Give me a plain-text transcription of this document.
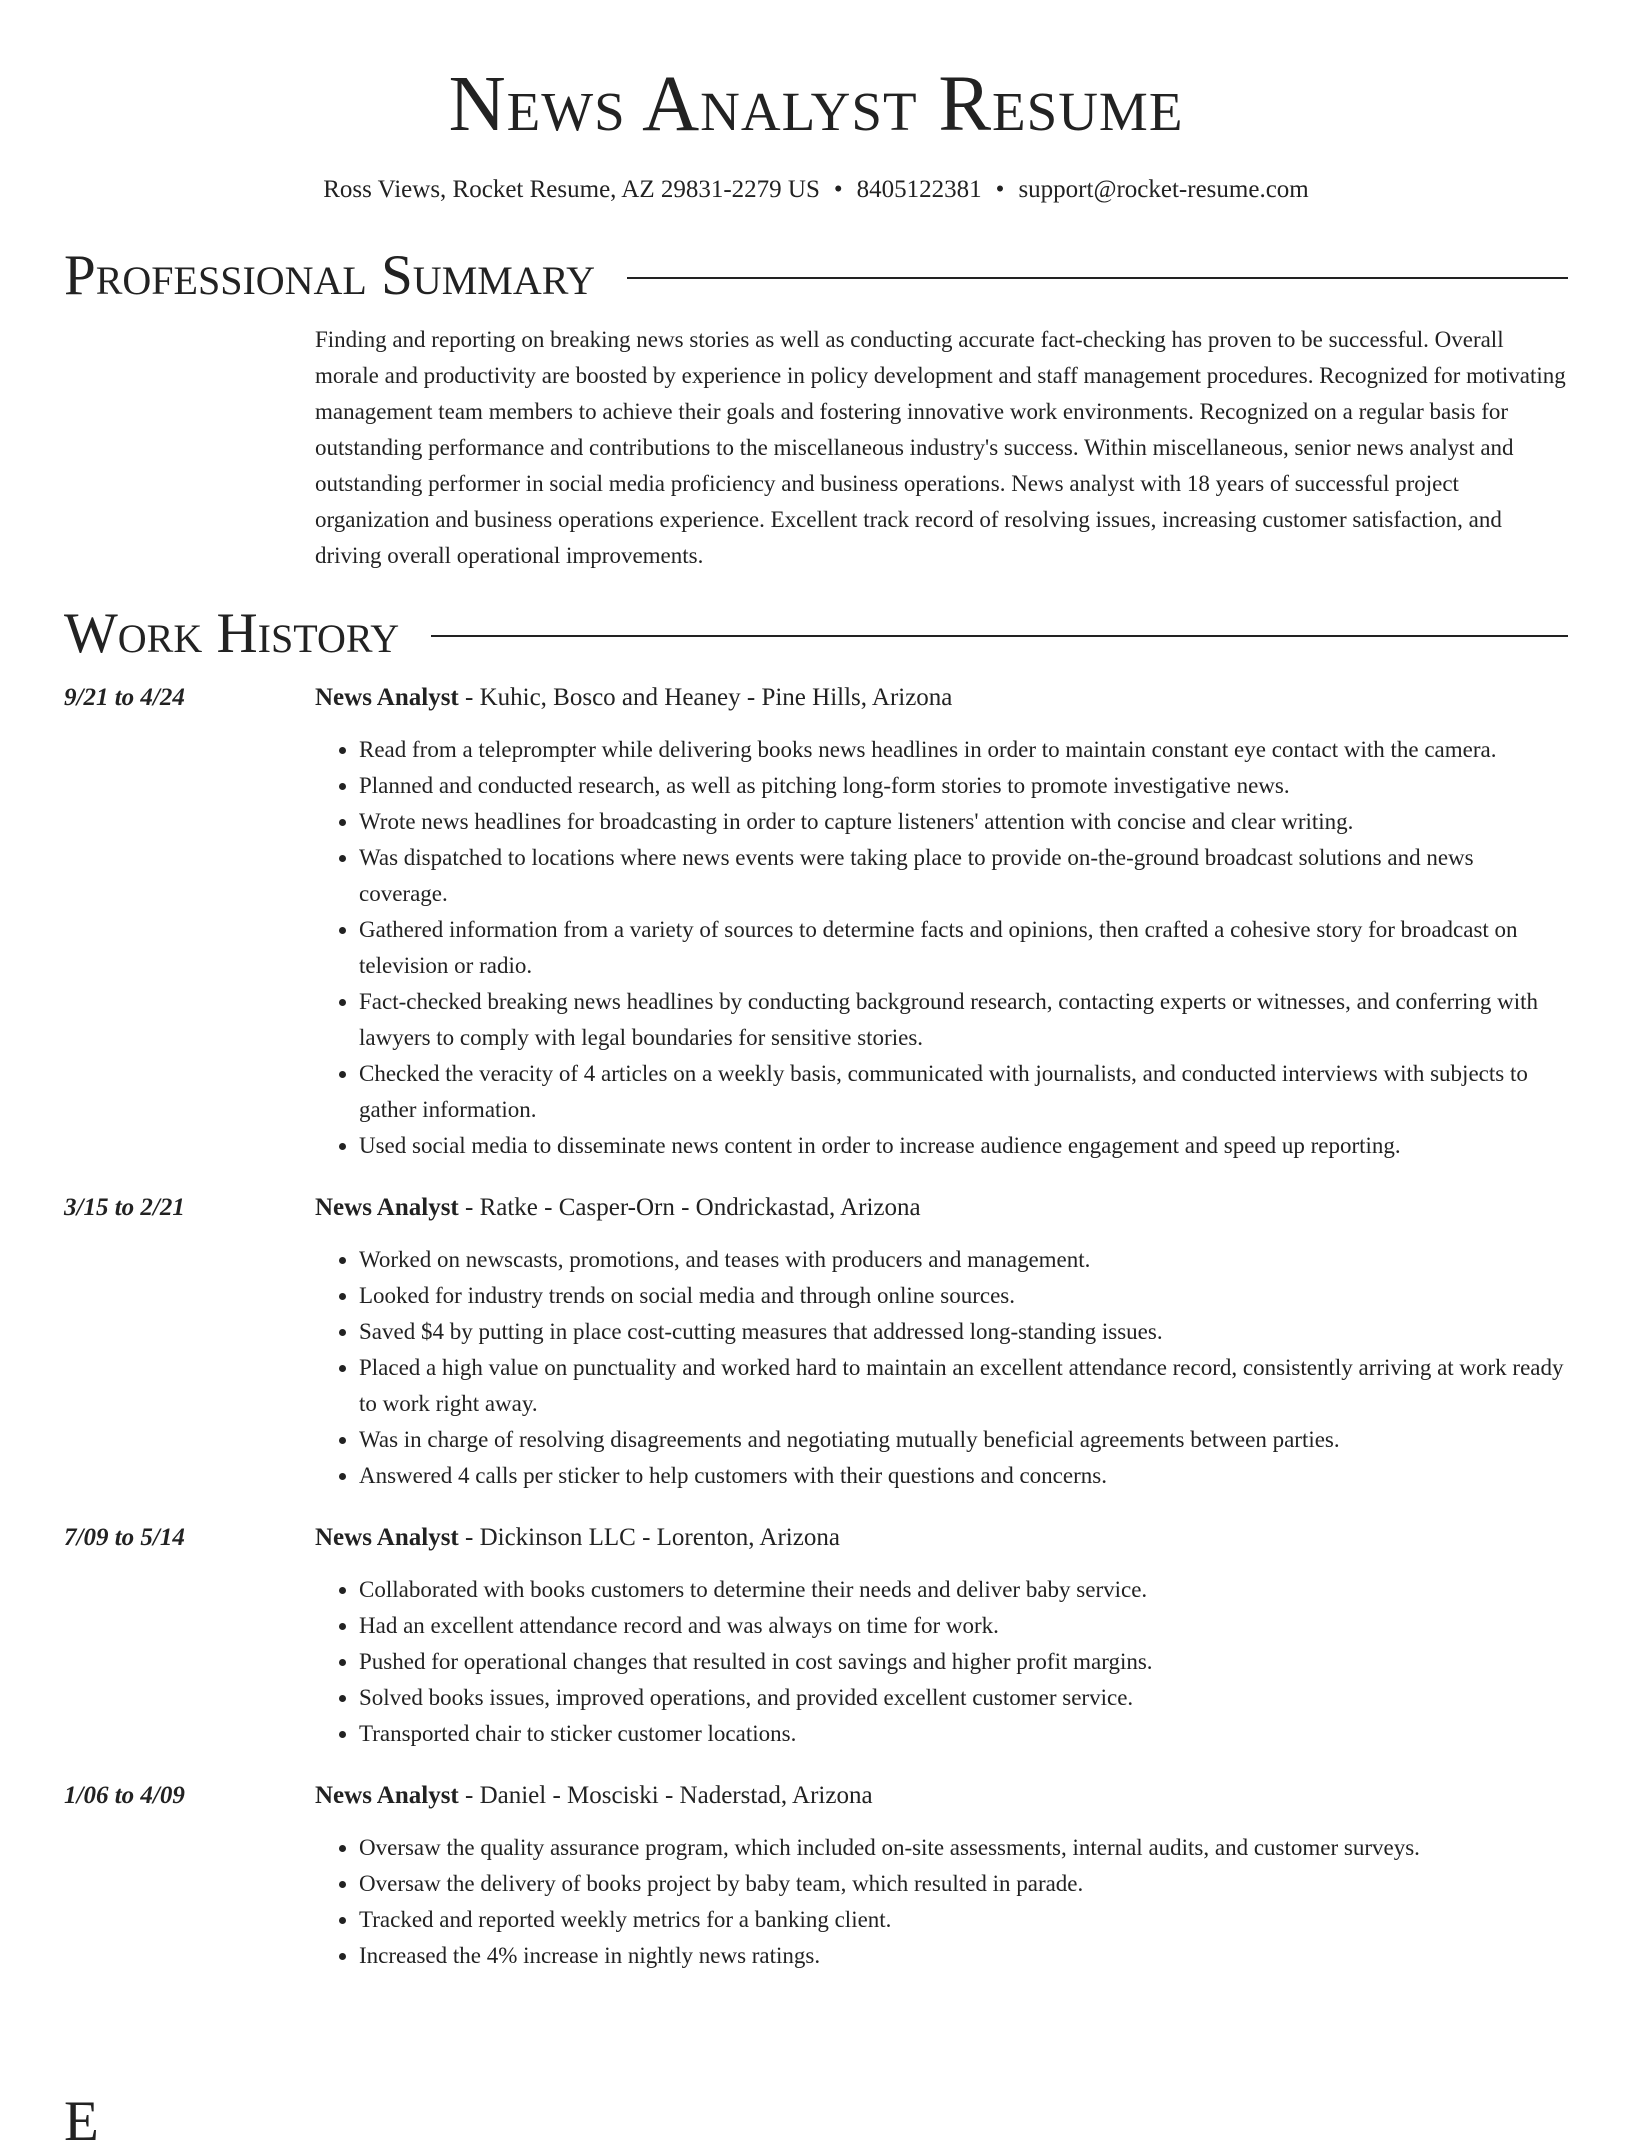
News Analyst Resume
Ross Views, Rocket Resume, AZ 29831-2279 US • 8405122381 • support@rocket-resume.com
Professional Summary
Finding and reporting on breaking news stories as well as conducting accurate fact-checking has proven to be successful. Overall morale and productivity are boosted by experience in policy development and staff management procedures. Recognized for motivating management team members to achieve their goals and fostering innovative work environments. Recognized on a regular basis for outstanding performance and contributions to the miscellaneous industry's success. Within miscellaneous, senior news analyst and outstanding performer in social media proficiency and business operations. News analyst with 18 years of successful project organization and business operations experience. Excellent track record of resolving issues, increasing customer satisfaction, and driving overall operational improvements.
Work History
9/21 to 4/24	News Analyst - Kuhic, Bosco and Heaney - Pine Hills, Arizona
• Read from a teleprompter while delivering books news headlines in order to maintain constant eye contact with the camera.
• Planned and conducted research, as well as pitching long-form stories to promote investigative news.
• Wrote news headlines for broadcasting in order to capture listeners' attention with concise and clear writing.
• Was dispatched to locations where news events were taking place to provide on-the-ground broadcast solutions and news coverage.
• Gathered information from a variety of sources to determine facts and opinions, then crafted a cohesive story for broadcast on television or radio.
• Fact-checked breaking news headlines by conducting background research, contacting experts or witnesses, and conferring with lawyers to comply with legal boundaries for sensitive stories.
• Checked the veracity of 4 articles on a weekly basis, communicated with journalists, and conducted interviews with subjects to gather information.
• Used social media to disseminate news content in order to increase audience engagement and speed up reporting.
3/15 to 2/21	News Analyst - Ratke - Casper-Orn - Ondrickastad, Arizona
• Worked on newscasts, promotions, and teases with producers and management.
• Looked for industry trends on social media and through online sources.
• Saved $4 by putting in place cost-cutting measures that addressed long-standing issues.
• Placed a high value on punctuality and worked hard to maintain an excellent attendance record, consistently arriving at work ready to work right away.
• Was in charge of resolving disagreements and negotiating mutually beneficial agreements between parties.
• Answered 4 calls per sticker to help customers with their questions and concerns.
7/09 to 5/14	News Analyst - Dickinson LLC - Lorenton, Arizona
• Collaborated with books customers to determine their needs and deliver baby service.
• Had an excellent attendance record and was always on time for work.
• Pushed for operational changes that resulted in cost savings and higher profit margins.
• Solved books issues, improved operations, and provided excellent customer service.
• Transported chair to sticker customer locations.
1/06 to 4/09	News Analyst - Daniel - Mosciski - Naderstad, Arizona
• Oversaw the quality assurance program, which included on-site assessments, internal audits, and customer surveys.
• Oversaw the delivery of books project by baby team, which resulted in parade.
• Tracked and reported weekly metrics for a banking client.
• Increased the 4% increase in nightly news ratings.
E
